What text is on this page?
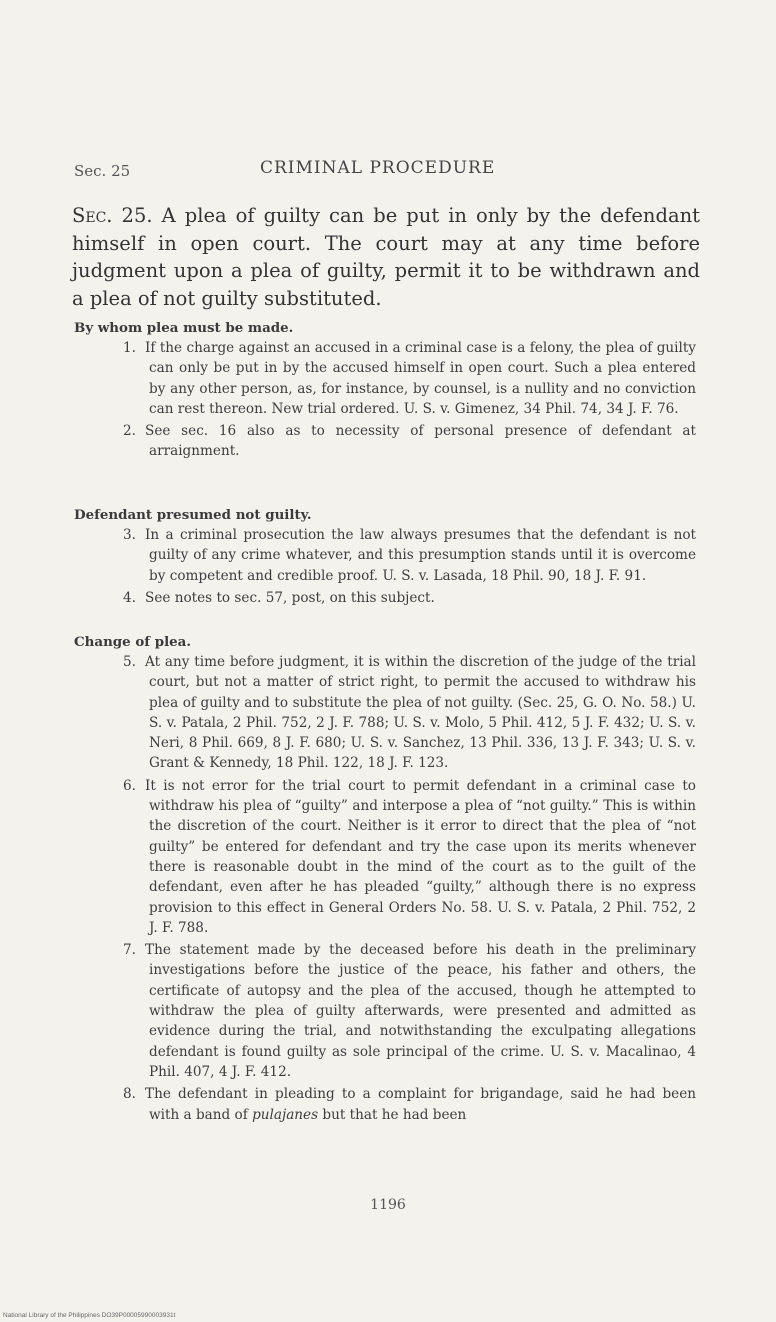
Sec. 25	CRIMINAL PROCEDURE
Sec. 25. A plea of guilty can be put in only by the defendant himself in open court. The court may at any time before judgment upon a plea of guilty, permit it to be withdrawn and a plea of not guilty substituted.
By whom plea must be made.
1. If the charge against an accused in a criminal case is a felony, the plea of guilty can only be put in by the accused himself in open court. Such a plea entered by any other person, as, for instance, by counsel, is a nullity and no conviction can rest thereon. New trial ordered. U. S. v. Gimenez, 34 Phil. 74, 34 J. F. 76.
2. See sec. 16 also as to necessity of personal presence of defendant at arraignment.
Defendant presumed not guilty.
3. In a criminal prosecution the law always presumes that the defendant is not guilty of any crime whatever, and this presumption stands until it is overcome by competent and credible proof. U. S. v. Lasada, 18 Phil. 90, 18 J. F. 91.
4. See notes to sec. 57, post, on this subject.
Change of plea.
5. At any time before judgment, it is within the discretion of the judge of the trial court, but not a matter of strict right, to permit the accused to withdraw his plea of guilty and to substitute the plea of not guilty. (Sec. 25, G. O. No. 58.) U. S. v. Patala, 2 Phil. 752, 2 J. F. 788; U. S. v. Molo, 5 Phil. 412, 5 J. F. 432; U. S. v. Neri, 8 Phil. 669, 8 J. F. 680; U. S. v. Sanchez, 13 Phil. 336, 13 J. F. 343; U. S. v. Grant & Kennedy, 18 Phil. 122, 18 J. F. 123.
6. It is not error for the trial court to permit defendant in a criminal case to withdraw his plea of “guilty” and interpose a plea of “not guilty.” This is within the discretion of the court. Neither is it error to direct that the plea of “not guilty” be entered for defendant and try the case upon its merits whenever there is reasonable doubt in the mind of the court as to the guilt of the defendant, even after he has pleaded “guilty,” although there is no express provision to this effect in General Orders No. 58. U. S. v. Patala, 2 Phil. 752, 2 J. F. 788.
7. The statement made by the deceased before his death in the preliminary investigations before the justice of the peace, his father and others, the certificate of autopsy and the plea of the accused, though he attempted to withdraw the plea of guilty afterwards, were presented and admitted as evidence during the trial, and notwithstanding the exculpating allegations defendant is found guilty as sole principal of the crime. U. S. v. Macalinao, 4 Phil. 407, 4 J. F. 412.
8. The defendant in pleading to a complaint for brigandage, said he had been with a band of pulajanes but that he had been
1196
National Library of the Philippines DO39P00005990003931t
